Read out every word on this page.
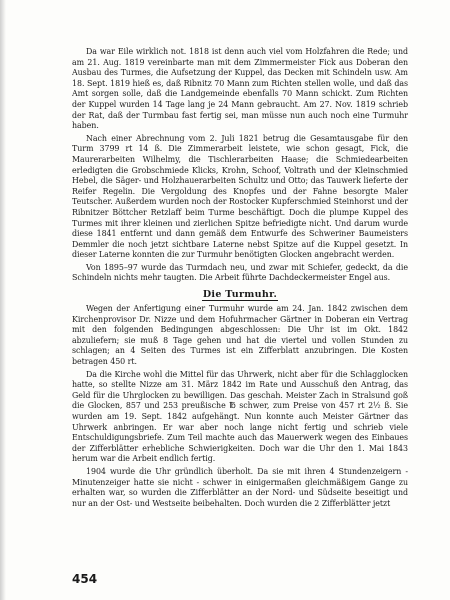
Da war Eile wirklich not. 1818 ist denn auch viel vom Holzfahren die Rede; und am 21. Aug. 1819 vereinbarte man mit dem Zimmermeister Fick aus Doberan den Ausbau des Turmes, die Aufsetzung der Kuppel, das Decken mit Schindeln usw. Am 18. Sept. 1819 hieß es, daß Ribnitz 70 Mann zum Richten stellen wolle, und daß das Amt sorgen solle, daß die Landgemeinde ebenfalls 70 Mann schickt. Zum Richten der Kuppel wurden 14 Tage lang je 24 Mann gebraucht. Am 27. Nov. 1819 schrieb der Rat, daß der Turmbau fast fertig sei, man müsse nun auch noch eine Turmuhr haben.

Nach einer Abrechnung vom 2. Juli 1821 betrug die Gesamtausgabe für den Turm 3799 rt 14 ß. Die Zimmerarbeit leistete, wie schon gesagt, Fick, die Maurerarbeiten Wilhelmy, die Tischlerarbeiten Haase; die Schmiedearbeiten erledigten die Grobschmiede Klicks, Krohn, Schoof, Voltrath und der Kleinschmied Hebel, die Säger- und Holzhauerarbeiten Schultz und Otto; das Tauwerk lieferte der Reifer Regelin. Die Vergoldung des Knopfes und der Fahne besorgte Maler Teutscher. Außerdem wurden noch der Rostocker Kupferschmied Steinhorst und der Ribnitzer Böttcher Retzlaff beim Turme beschäftigt. Doch die plumpe Kuppel des Turmes mit ihrer kleinen und zierlichen Spitze befriedigte nicht. Und darum wurde diese 1841 entfernt und dann gemäß dem Entwurfe des Schweriner Baumeisters Demmler die noch jetzt sichtbare Laterne nebst Spitze auf die Kuppel gesetzt. In dieser Laterne konnten die zur Turmuhr benötigten Glocken angebracht werden.

Von 1895–97 wurde das Turmdach neu, und zwar mit Schiefer, gedeckt, da die Schindeln nichts mehr taugten. Die Arbeit führte Dachdeckermeister Engel aus.

Die Turmuhr.

Wegen der Anfertigung einer Turmuhr wurde am 24. Jan. 1842 zwischen dem Kirchenprovisor Dr. Nizze und dem Hofuhrmacher Gärtner in Doberan ein Vertrag mit den folgenden Bedingungen abgeschlossen: Die Uhr ist im Okt. 1842 abzuliefern; sie muß 8 Tage gehen und hat die viertel und vollen Stunden zu schlagen; an 4 Seiten des Turmes ist ein Zifferblatt anzubringen. Die Kosten betragen 450 rt.

Da die Kirche wohl die Mittel für das Uhrwerk, nicht aber für die Schlagglocken hatte, so stellte Nizze am 31. März 1842 im Rate und Ausschuß den Antrag, das Geld für die Uhrglocken zu bewilligen. Das geschah. Meister Zach in Stralsund goß die Glocken, 857 und 253 preußische ℔ schwer, zum Preise von 457 rt 2½ ß. Sie wurden am 19. Sept. 1842 aufgehängt. Nun konnte auch Meister Gärtner das Uhrwerk anbringen. Er war aber noch lange nicht fertig und schrieb viele Entschuldigungsbriefe. Zum Teil machte auch das Mauerwerk wegen des Einbaues der Zifferblätter erhebliche Schwierigkeiten. Doch war die Uhr den 1. Mai 1843 herum war die Arbeit endlich fertig.

1904 wurde die Uhr gründlich überholt. Da sie mit ihren 4 Stundenzeigern - Minutenzeiger hatte sie nicht - schwer in einigermaßen gleichmäßigem Gange zu erhalten war, so wurden die Zifferblätter an der Nord- und Südseite beseitigt und nur an der Ost- und Westseite beibehalten. Doch wurden die 2 Zifferblätter jetzt

454
